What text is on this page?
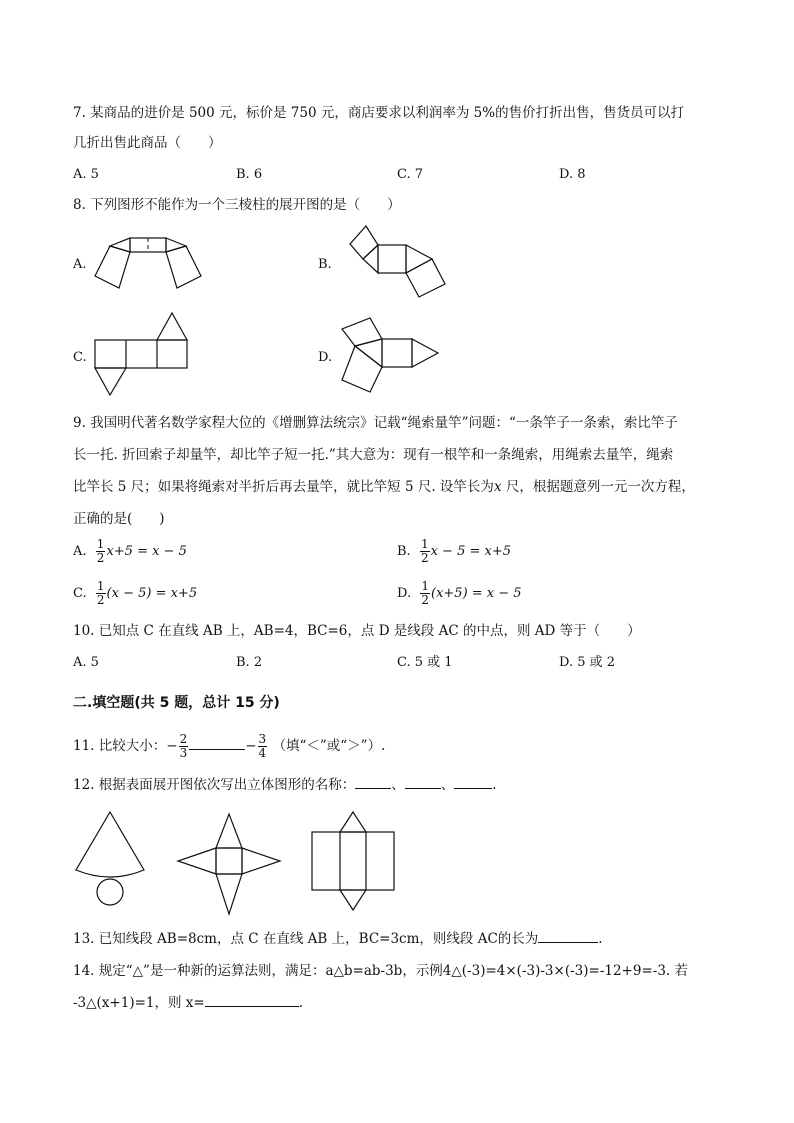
7. 某商品的进价是 500 元，标价是 750 元，商店要求以利润率为 5%的售价打折出售，售货员可以打
几折出售此商品（　　）
A. 5	B. 6	C. 7	D. 8
8. 下列图形不能作为一个三棱柱的展开图的是（　　）
A.	B.
C.	D.
9. 我国明代著名数学家程大位的《增删算法统宗》记载“绳索量竿”问题：“一条竿子一条索，索比竿子
长一托. 折回索子却量竿，却比竿子短一托.”其大意为：现有一根竿和一条绳索，用绳索去量竿，绳索
比竿长 5 尺；如果将绳索对半折后再去量竿，就比竿短 5 尺. 设竿长为x 尺，根据题意列一元一次方程，
正确的是(　　)
A. $\frac{1}{2} x+5 = x - 5$	B. $\frac{1}{2}$ x − 5 = x+5
C. $\frac{1}{2} (x - 5) = x+5$	D. $\frac{1}{2} (x+5) = x - 5$
10. 已知点 C 在直线 AB 上，AB=4，BC=6，点 D 是线段 AC 的中点，则 AD 等于（　　）
A. 5	B. 2	C. 5 或 1	D. 5 或 2
二.填空题(共 5 题，总计 15 分)
11. 比较大小：− $\frac{2}{3}$	− $\frac{3}{4}$ （填“＜”或“＞”）.
12. 根据表面展开图依次写出立体图形的名称：	、	、	.
13. 已知线段 AB=8cm，点 C 在直线 AB 上，BC=3cm，则线段 AC的长为	.
14. 规定“△”是一种新的运算法则，满足：a△b=ab-3b，示例4△(-3)=4×(-3)-3×(-3)=-12+9=-3. 若
-3△(x+1)=1，则 x=	.
